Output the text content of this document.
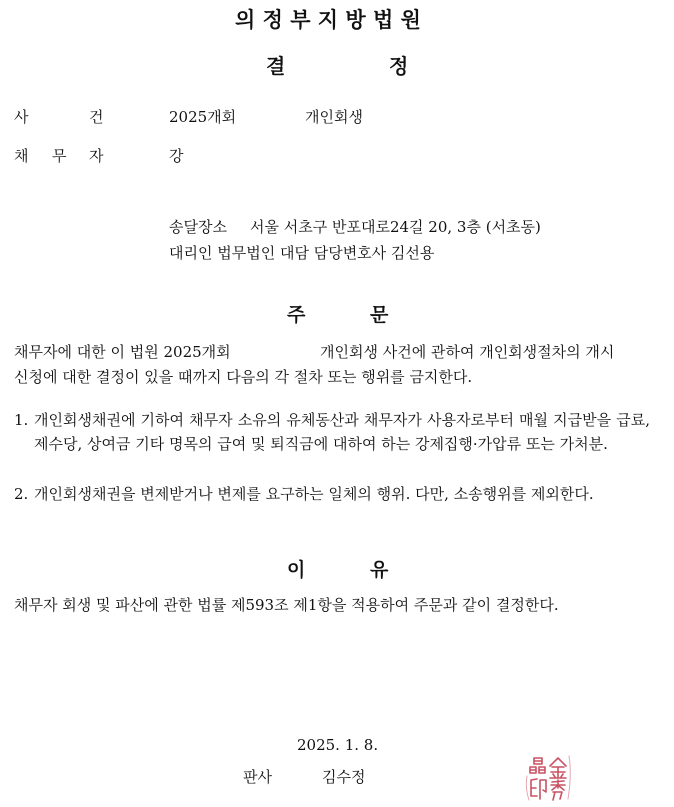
의 정 부 지 방 법 원
결	정
사	건	2025개회	개인회생
채 무 자	강
송달장소 서울 서초구 반포대로24길 20, 3층 (서초동)
대리인 법무법인 대담 담당변호사 김선용
주	문
채무자에 대한 이 법원 2025개회	개인회생 사건에 관하여 개인회생절차의 개시
신청에 대한 결정이 있을 때까지 다음의 각 절차 또는 행위를 금지한다.
1. 개인회생채권에 기하여 채무자 소유의 유체동산과 채무자가 사용자로부터 매월 지급받을 급료, 제수당, 상여금 기타 명목의 급여 및 퇴직금에 대하여 하는 강제집행·가압류 또는 가처분.
2. 개인회생채권을 변제받거나 변제를 요구하는 일체의 행위. 다만, 소송행위를 제외한다.
이	유
채무자 회생 및 파산에 관한 법률 제593조 제1항을 적용하여 주문과 같이 결정한다.
2025. 1. 8.
판사	김수정
